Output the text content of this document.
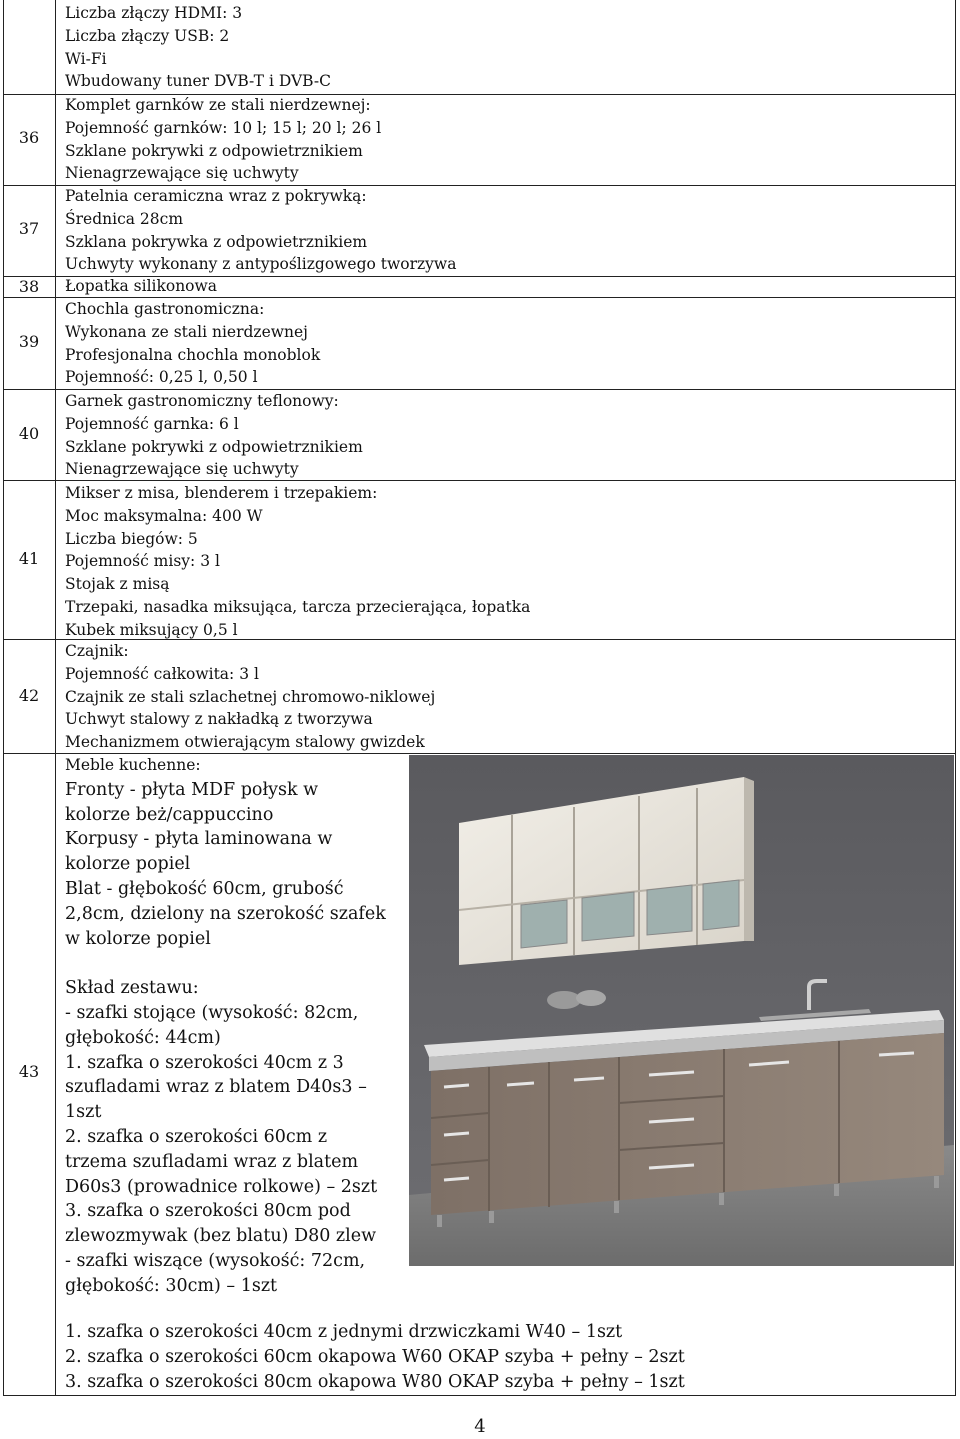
Liczba złączy HDMI: 3
Liczba złączy USB: 2
Wi-Fi
Wbudowany tuner DVB-T i DVB-C
36
Komplet garnków ze stali nierdzewnej:
Pojemność garnków: 10 l; 15 l; 20 l; 26 l
Szklane pokrywki z odpowietrznikiem
Nienagrzewające się uchwyty
37
Patelnia ceramiczna wraz z pokrywką:
Średnica 28cm
Szklana pokrywka z odpowietrznikiem
Uchwyty wykonany z antypoślizgowego tworzywa
38	Łopatka silikonowa
39
Chochla gastronomiczna:
Wykonana ze stali nierdzewnej
Profesjonalna chochla monoblok
Pojemność: 0,25 l, 0,50 l
40
Garnek gastronomiczny teflonowy:
Pojemność garnka: 6 l
Szklane pokrywki z odpowietrznikiem
Nienagrzewające się uchwyty
41
Mikser z misa, blenderem i trzepakiem:
Moc maksymalna: 400 W
Liczba biegów: 5
Pojemność misy: 3 l
Stojak z misą
Trzepaki, nasadka miksująca, tarcza przecierająca, łopatka
Kubek miksujący 0,5 l
42
Czajnik:
Pojemność całkowita: 3 l
Czajnik ze stali szlachetnej chromowo-niklowej
Uchwyt stalowy z nakładką z tworzywa
Mechanizmem otwierającym stalowy gwizdek
43
Meble kuchenne:
Fronty - płyta MDF połysk w
kolorze beż/cappuccino
Korpusy - płyta laminowana w
kolorze popiel
Blat - głębokość 60cm, grubość
2,8cm, dzielony na szerokość szafek
w kolorze popiel

Skład zestawu:
- szafki stojące (wysokość: 82cm,
głębokość: 44cm)
1. szafka o szerokości 40cm z 3
szufladami wraz z blatem D40s3 –
1szt
2. szafka o szerokości 60cm z
trzema szufladami wraz z blatem
D60s3 (prowadnice rolkowe) – 2szt
3. szafka o szerokości 80cm pod
zlewozmywak (bez blatu) D80 zlew
- szafki wiszące (wysokość: 72cm,
głębokość: 30cm) – 1szt
1. szafka o szerokości 40cm z jednymi drzwiczkami W40 – 1szt
2. szafka o szerokości 60cm okapowa W60 OKAP szyba + pełny – 2szt
3. szafka o szerokości 80cm okapowa W80 OKAP szyba + pełny – 1szt
4
